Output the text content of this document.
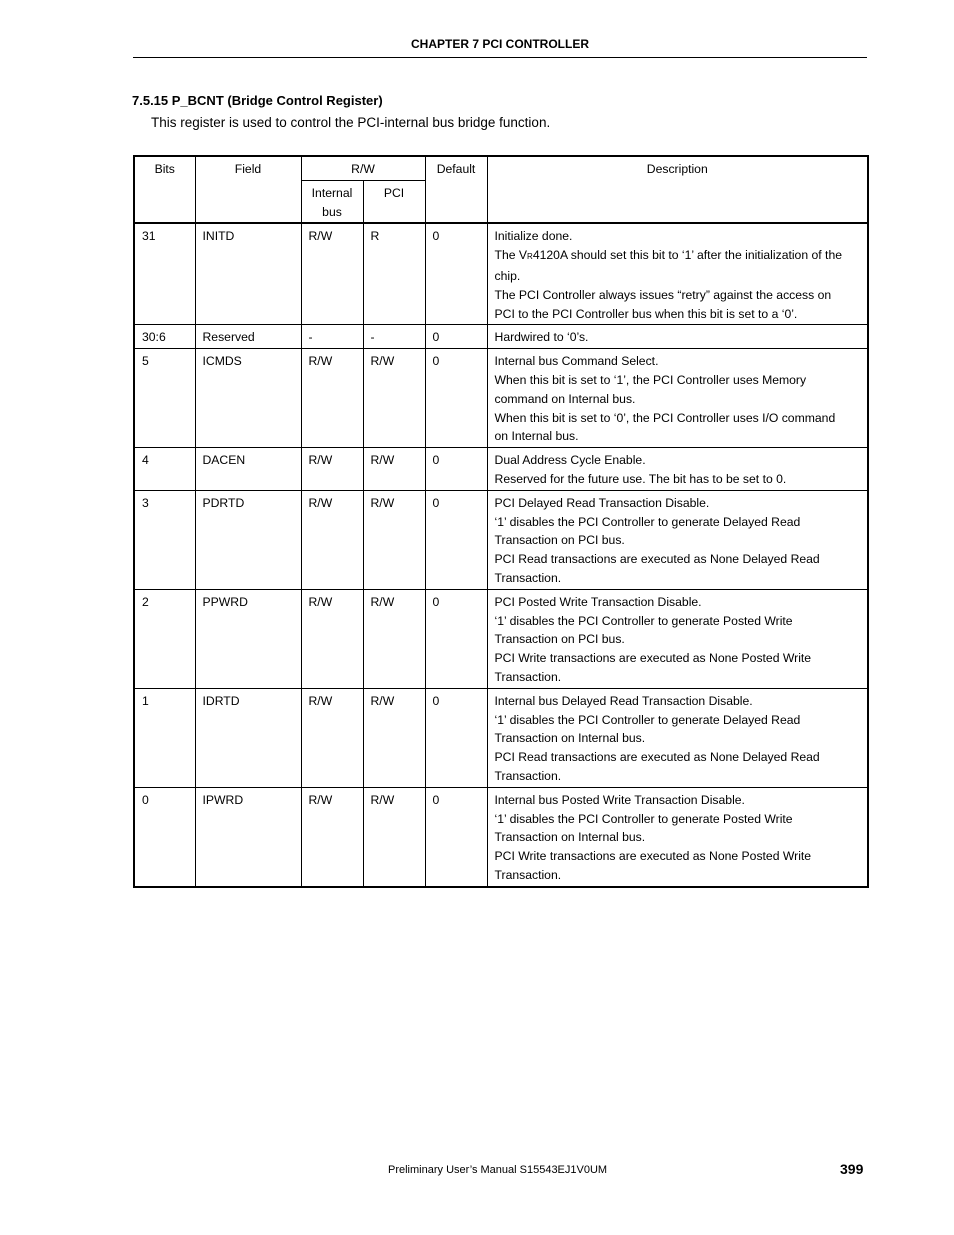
CHAPTER 7 PCI CONTROLLER
7.5.15 P_BCNT (Bridge Control Register)
This register is used to control the PCI-internal bus bridge function.
Bits	Field	R/W		Default	Description
		Internal bus	PCI		
31	INITD	R/W	R	0	Initialize done.
The VR4120A should set this bit to ‘1’ after the initialization of the
chip.
The PCI Controller always issues “retry” against the access on
PCI to the PCI Controller bus when this bit is set to a ‘0’.

30:6	Reserved	-	-	0	Hardwired to ‘0’s.

5	ICMDS	R/W	R/W	0	Internal bus Command Select.
When this bit is set to ‘1’, the PCI Controller uses Memory
command on Internal bus.
When this bit is set to ‘0’, the PCI Controller uses I/O command
on Internal bus.

4	DACEN	R/W	R/W	0	Dual Address Cycle Enable.
Reserved for the future use. The bit has to be set to 0.

3	PDRTD	R/W	R/W	0	PCI Delayed Read Transaction Disable.
‘1’ disables the PCI Controller to generate Delayed Read
Transaction on PCI bus.
PCI Read transactions are executed as None Delayed Read
Transaction.

2	PPWRD	R/W	R/W	0	PCI Posted Write Transaction Disable.
‘1’ disables the PCI Controller to generate Posted Write
Transaction on PCI bus.
PCI Write transactions are executed as None Posted Write
Transaction.

1	IDRTD	R/W	R/W	0	Internal bus Delayed Read Transaction Disable.
‘1’ disables the PCI Controller to generate Delayed Read
Transaction on Internal bus.
PCI Read transactions are executed as None Delayed Read
Transaction.

0	IPWRD	R/W	R/W	0	Internal bus Posted Write Transaction Disable.
‘1’ disables the PCI Controller to generate Posted Write
Transaction on Internal bus.
PCI Write transactions are executed as None Posted Write
Transaction.
Preliminary User’s Manual S15543EJ1V0UM	399
